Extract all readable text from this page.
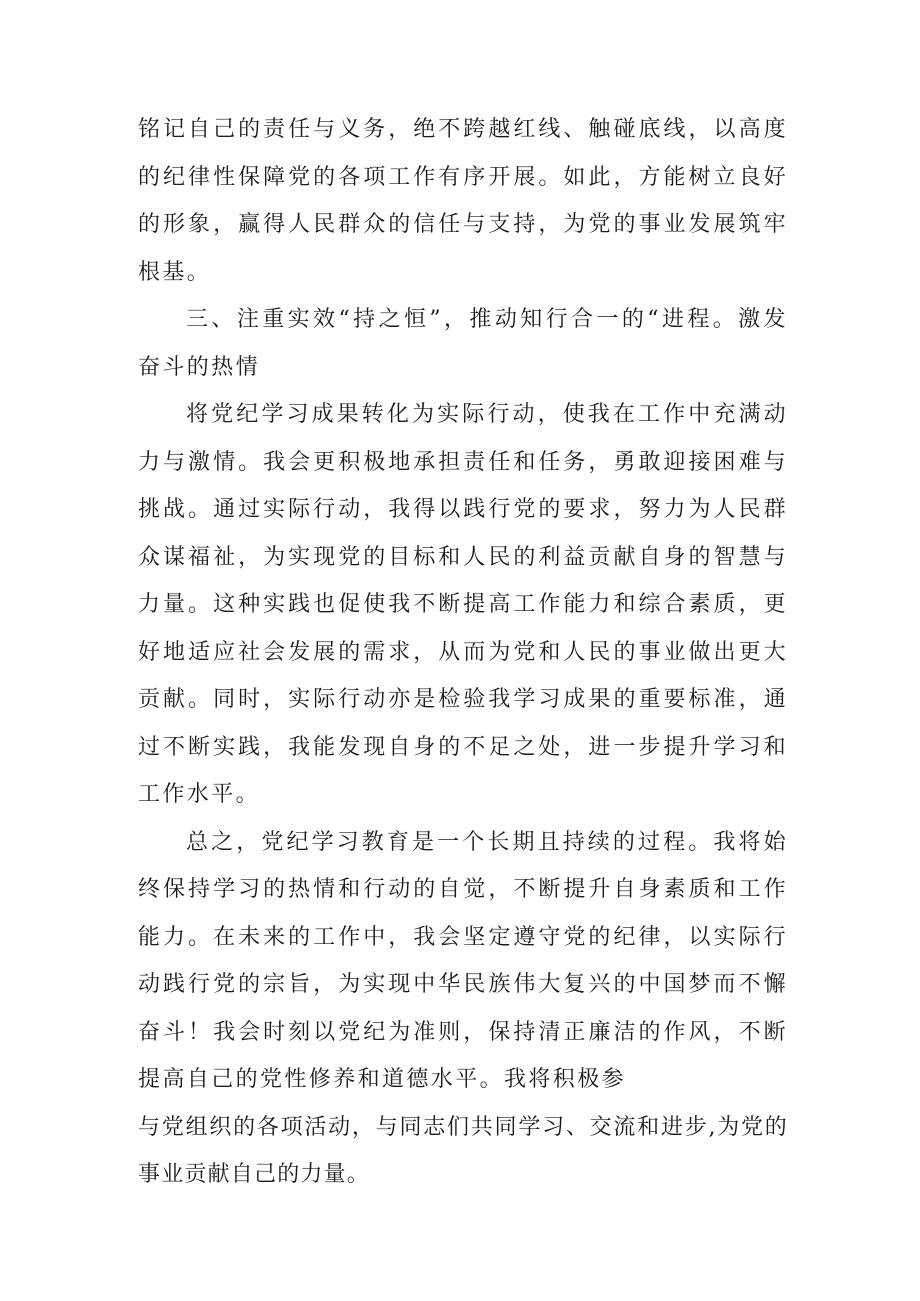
铭记自己的责任与义务，绝不跨越红线、触碰底线，以高度的纪律性保障党的各项工作有序开展。如此，方能树立良好的形象，赢得人民群众的信任与支持，为党的事业发展筑牢根基。

三、注重实效“持之恒”，推动知行合一的“进程。激发奋斗的热情

将党纪学习成果转化为实际行动，使我在工作中充满动力与激情。我会更积极地承担责任和任务，勇敢迎接困难与挑战。通过实际行动，我得以践行党的要求，努力为人民群众谋福祉，为实现党的目标和人民的利益贡献自身的智慧与力量。这种实践也促使我不断提高工作能力和综合素质，更好地适应社会发展的需求，从而为党和人民的事业做出更大贡献。同时，实际行动亦是检验我学习成果的重要标准，通过不断实践，我能发现自身的不足之处，进一步提升学习和工作水平。

总之，党纪学习教育是一个长期且持续的过程。我将始终保持学习的热情和行动的自觉，不断提升自身素质和工作能力。在未来的工作中，我会坚定遵守党的纪律，以实际行动践行党的宗旨，为实现中华民族伟大复兴的中国梦而不懈奋斗！我会时刻以党纪为准则，保持清正廉洁的作风，不断提高自己的党性修养和道德水平。我将积极参

与党组织的各项活动，与同志们共同学习、交流和进步,为党的事业贡献自己的力量。
